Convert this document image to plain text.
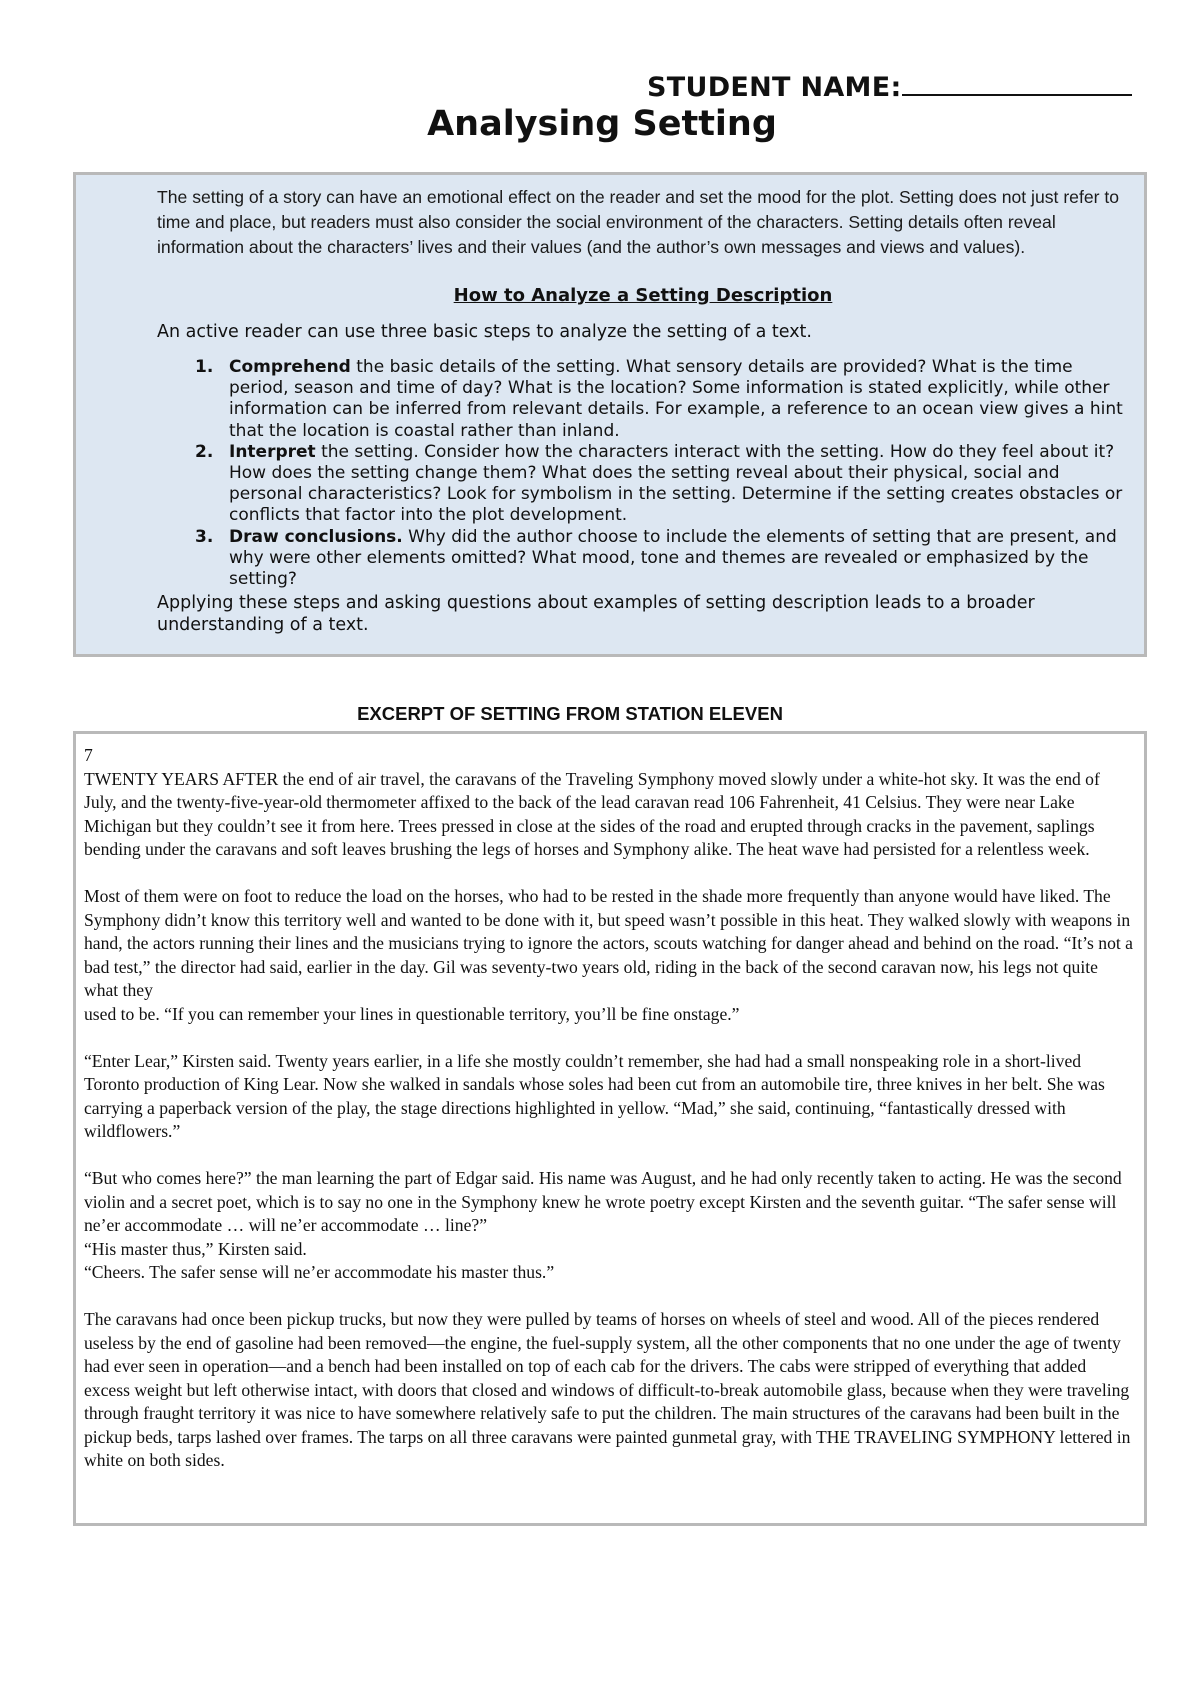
STUDENT NAME:
Analysing Setting
The setting of a story can have an emotional effect on the reader and set the mood for the plot. Setting does not just refer to time and place, but readers must also consider the social environment of the characters. Setting details often reveal information about the characters’ lives and their values (and the author’s own messages and views and values).
How to Analyze a Setting Description
An active reader can use three basic steps to analyze the setting of a text.
1. Comprehend the basic details of the setting. What sensory details are provided? What is the time period, season and time of day? What is the location? Some information is stated explicitly, while other information can be inferred from relevant details. For example, a reference to an ocean view gives a hint that the location is coastal rather than inland.
2. Interpret the setting. Consider how the characters interact with the setting. How do they feel about it? How does the setting change them? What does the setting reveal about their physical, social and personal characteristics? Look for symbolism in the setting. Determine if the setting creates obstacles or conflicts that factor into the plot development.
3. Draw conclusions. Why did the author choose to include the elements of setting that are present, and why were other elements omitted? What mood, tone and themes are revealed or emphasized by the setting?
Applying these steps and asking questions about examples of setting description leads to a broader understanding of a text.
EXCERPT OF SETTING FROM STATION ELEVEN

7

TWENTY YEARS AFTER the end of air travel, the caravans of the Traveling Symphony moved slowly under a white-hot sky. It was the end of July, and the twenty-five-year-old thermometer affixed to the back of the lead caravan read 106 Fahrenheit, 41 Celsius. They were near Lake Michigan but they couldn’t see it from here. Trees pressed in close at the sides of the road and erupted through cracks in the pavement, saplings bending under the caravans and soft leaves brushing the legs of horses and Symphony alike. The heat wave had persisted for a relentless week.

Most of them were on foot to reduce the load on the horses, who had to be rested in the shade more frequently than anyone would have liked. The Symphony didn’t know this territory well and wanted to be done with it, but speed wasn’t possible in this heat. They walked slowly with weapons in hand, the actors running their lines and the musicians trying to ignore the actors, scouts watching for danger ahead and behind on the road. “It’s not a bad test,” the director had said, earlier in the day. Gil was seventy-two years old, riding in the back of the second caravan now, his legs not quite what they

used to be. “If you can remember your lines in questionable territory, you’ll be fine onstage.”

“Enter Lear,” Kirsten said. Twenty years earlier, in a life she mostly couldn’t remember, she had had a small nonspeaking role in a short-lived Toronto production of King Lear. Now she walked in sandals whose soles had been cut from an automobile tire, three knives in her belt. She was carrying a paperback version of the play, the stage directions highlighted in yellow. “Mad,” she said, continuing, “fantastically dressed with wildflowers.”

“But who comes here?” the man learning the part of Edgar said. His name was August, and he had only recently taken to acting. He was the second violin and a secret poet, which is to say no one in the Symphony knew he wrote poetry except Kirsten and the seventh guitar. “The safer sense will ne’er accommodate … will ne’er accommodate … line?”

“His master thus,” Kirsten said.

“Cheers. The safer sense will ne’er accommodate his master thus.”

The caravans had once been pickup trucks, but now they were pulled by teams of horses on wheels of steel and wood. All of the pieces rendered useless by the end of gasoline had been removed—the engine, the fuel-supply system, all the other components that no one under the age of twenty had ever seen in operation—and a bench had been installed on top of each cab for the drivers. The cabs were stripped of everything that added excess weight but left otherwise intact, with doors that closed and windows of difficult-to-break automobile glass, because when they were traveling through fraught territory it was nice to have somewhere relatively safe to put the children. The main structures of the caravans had been built in the pickup beds, tarps lashed over frames. The tarps on all three caravans were painted gunmetal gray, with THE TRAVELING SYMPHONY lettered in white on both sides.
